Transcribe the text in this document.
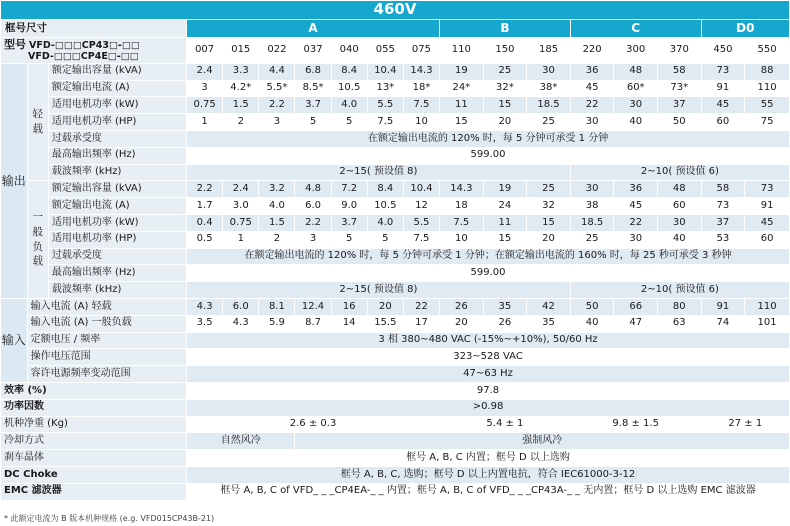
460V																	
框号尺寸			A							B			C			D0	
型号 VFD-□□□CP43□-□□
VFD-□□□CP4E□-□□			007	015	022	037	040	055	075	110	150	185	220	300	370	450	550
输出	轻载	额定输出容量 (kVA)	2.4	3.3	4.4	6.8	8.4	10.4	14.3	19	25	30	36	48	58	73	88
		额定输出电流 (A)	3	4.2*	5.5*	8.5*	10.5	13*	18*	24*	32*	38*	45	60*	73*	91	110
		适用电机功率 (kW)	0.75	1.5	2.2	3.7	4.0	5.5	7.5	11	15	18.5	22	30	37	45	55
		适用电机功率 (HP)	1	2	3	5	5	7.5	10	15	20	25	30	40	50	60	75
		过载承受度	在额定输出电流的 120% 时，每 5 分钟可承受 1 分钟														
		最高输出频率 (Hz)	599.00														
		载波频率 (kHz)	2~15( 预设值 8)										2~10( 预设值 6)				
	一般负载	额定输出容量 (kVA)	2.2	2.4	3.2	4.8	7.2	8.4	10.4	14.3	19	25	30	36	48	58	73
		额定输出电流 (A)	1.7	3.0	4.0	6.0	9.0	10.5	12	18	24	32	38	45	60	73	91
		适用电机功率 (kW)	0.4	0.75	1.5	2.2	3.7	4.0	5.5	7.5	11	15	18.5	22	30	37	45
		适用电机功率 (HP)	0.5	1	2	3	5	5	7.5	10	15	20	25	30	40	53	60
		过载承受度	在额定输出电流的 120% 时，每 5 分钟可承受 1 分钟；在额定输出电流的 160% 时，每 25 秒可承受 3 秒钟														
		最高输出频率 (Hz)	599.00														
		载波频率 (kHz)	2~15( 预设值 8)										2~10( 预设值 6)				
输入	输入电流 (A) 轻载		4.3	6.0	8.1	12.4	16	20	22	26	35	42	50	66	80	91	110
	输入电流 (A) 一般负载		3.5	4.3	5.9	8.7	14	15.5	17	20	26	35	40	47	63	74	101
	定额电压 / 频率		3 相 380~480 VAC (-15%~+10%), 50/60 Hz														
	操作电压范围		323~528 VAC														
	容许电源频率变动范围		47~63 Hz														
效率 (%)			97.8														
功率因数			>0.98														
机种净重 (Kg)			2.6 ± 0.3							5.4 ± 1			9.8 ± 1.5			27 ± 1	
冷却方式			自然风冷			强制风冷											
刹车晶体			框号 A, B, C 内置；框号 D 以上选购														
DC Choke			框号 A, B, C, 选购；框号 D 以上内置电抗，符合 IEC61000-3-12														
EMC 滤波器			框号 A, B, C of VFD_ _ _CP4EA-_ _ 内置；框号 A, B, C of VFD_ _ _CP43A-_ _ 无内置；框号 D 以上选购 EMC 滤波器														
* 此额定电流为 B 版本机种规格 (e.g. VFD015CP43B-21)
